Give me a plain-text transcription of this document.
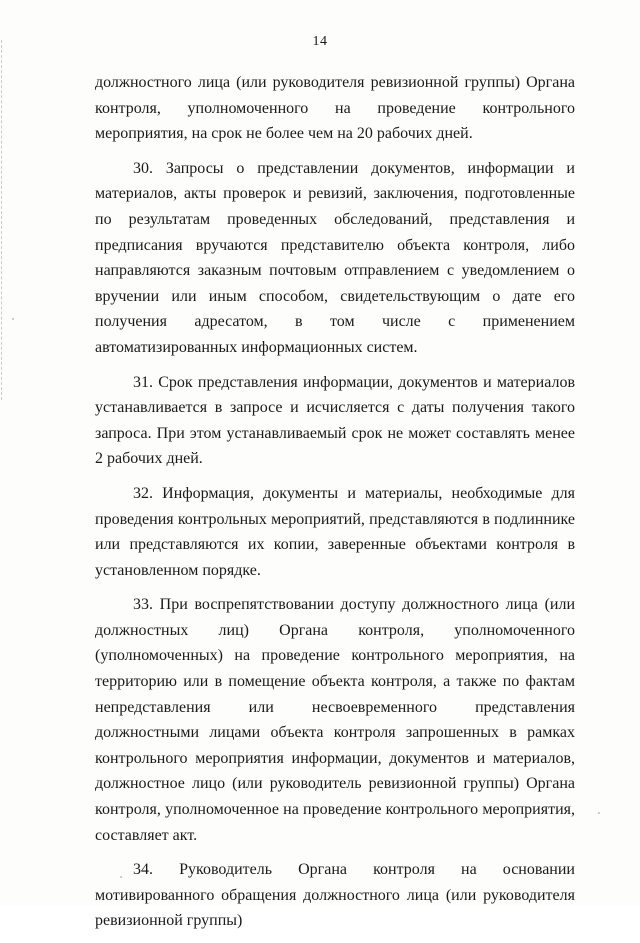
14

должностного лица (или руководителя ревизионной группы) Органа контроля, уполномоченного на проведение контрольного мероприятия, на срок не более чем на 20 рабочих дней.

30. Запросы о представлении документов, информации и материалов, акты проверок и ревизий, заключения, подготовленные по результатам проведенных обследований, представления и предписания вручаются представителю объекта контроля, либо направляются заказным почтовым отправлением с уведомлением о вручении или иным способом, свидетельствующим о дате его получения адресатом, в том числе с применением автоматизированных информационных систем.

31. Срок представления информации, документов и материалов устанавливается в запросе и исчисляется с даты получения такого запроса. При этом устанавливаемый срок не может составлять менее 2 рабочих дней.

32. Информация, документы и материалы, необходимые для проведения контрольных мероприятий, представляются в подлиннике или представляются их копии, заверенные объектами контроля в установленном порядке.

33. При воспрепятствовании доступу должностного лица (или должностных лиц) Органа контроля, уполномоченного (уполномоченных) на проведение контрольного мероприятия, на территорию или в помещение объекта контроля, а также по фактам непредставления или несвоевременного представления должностными лицами объекта контроля запрошенных в рамках контрольного мероприятия информации, документов и материалов, должностное лицо (или руководитель ревизионной группы) Органа контроля, уполномоченное на проведение контрольного мероприятия, составляет акт.

34. Руководитель Органа контроля на основании мотивированного обращения должностного лица (или руководителя ревизионной группы)
